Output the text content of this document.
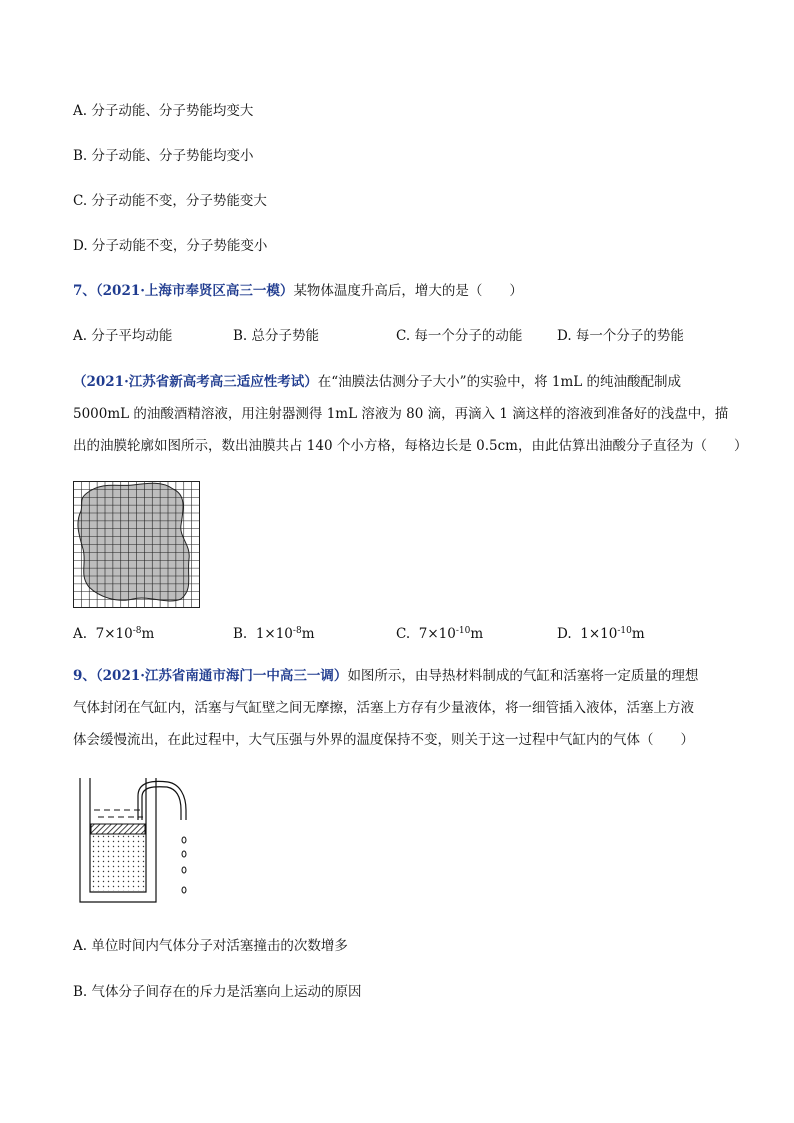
A. 分子动能、分子势能均变大
B. 分子动能、分子势能均变小
C. 分子动能不变，分子势能变大
D. 分子动能不变，分子势能变小
7、（2021·上海市奉贤区高三一模）某物体温度升高后，增大的是（　　）
A. 分子平均动能	B. 总分子势能	C. 每一个分子的动能	D. 每一个分子的势能
（2021·江苏省新高考高三适应性考试）在“油膜法估测分子大小”的实验中，将 1mL 的纯油酸配制成
5000mL 的油酸酒精溶液，用注射器测得 1mL 溶液为 80 滴，再滴入 1 滴这样的溶液到准备好的浅盘中，描
出的油膜轮廓如图所示，数出油膜共占 140 个小方格，每格边长是 0.5cm，由此估算出油酸分子直径为（　　）
A. $7\times 10^{-8}m$	B. $1\times 10^{-8}m$	C. $7\times 10^{-10}m$	D. $1\times 10^{-10}m$
9、（2021·江苏省南通市海门一中高三一调）如图所示，由导热材料制成的气缸和活塞将一定质量的理想
气体封闭在气缸内，活塞与气缸壁之间无摩擦，活塞上方存有少量液体，将一细管插入液体，活塞上方液
体会缓慢流出，在此过程中，大气压强与外界的温度保持不变，则关于这一过程中气缸内的气体（　　）
A. 单位时间内气体分子对活塞撞击的次数增多
B. 气体分子间存在的斥力是活塞向上运动的原因
